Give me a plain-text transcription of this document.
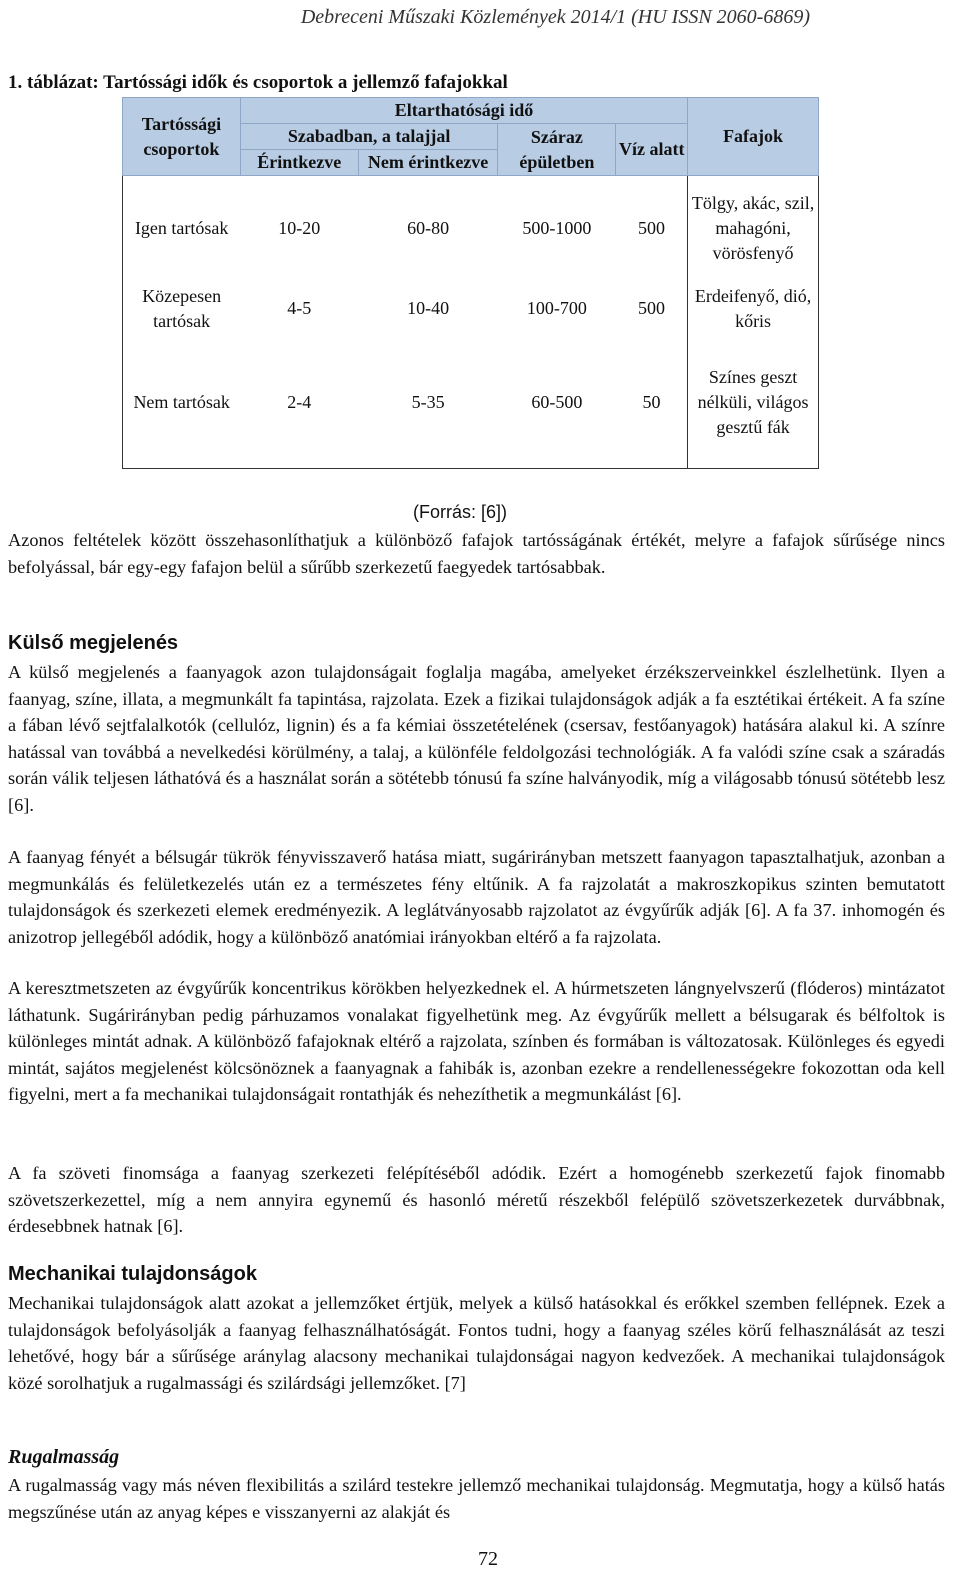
Debreceni Műszaki Közlemények 2014/1 (HU ISSN 2060-6869)
1. táblázat: Tartóssági idők és csoportok a jellemző fafajokkal
Tartóssági csoportok	Eltarthatósági idő				Fafajok
	Szabadban, a talajjal		Száraz épületben	Víz alatt	
	Érintkezve	Nem érintkezve			
Igen tartósak	10-20	60-80	500-1000	500	Tölgy, akác, szil, mahagóni, vörösfenyő
Közepesen tartósak	4-5	10-40	100-700	500	Erdeifenyő, dió, kőris
Nem tartósak	2-4	5-35	60-500	50	Színes geszt nélküli, világos gesztű fák
(Forrás: [6])
Azonos feltételek között összehasonlíthatjuk a különböző fafajok tartósságának értékét, melyre a fafajok sűrűsége nincs befolyással, bár egy-egy fafajon belül a sűrűbb szerkezetű faegyedek tartósabbak.
Külső megjelenés
A külső megjelenés a faanyagok azon tulajdonságait foglalja magába, amelyeket érzékszerveinkkel észlelhetünk. Ilyen a faanyag, színe, illata, a megmunkált fa tapintása, rajzolata. Ezek a fizikai tulajdonságok adják a fa esztétikai értékeit. A fa színe a fában lévő sejtfalalkotók (cellulóz, lignin) és a fa kémiai összetételének (csersav, festőanyagok) hatására alakul ki. A színre hatással van továbbá a nevelkedési körülmény, a talaj, a különféle feldolgozási technológiák. A fa valódi színe csak a száradás során válik teljesen láthatóvá és a használat során a sötétebb tónusú fa színe halványodik, míg a világosabb tónusú sötétebb lesz [6].
A faanyag fényét a bélsugár tükrök fényvisszaverő hatása miatt, sugárirányban metszett faanyagon tapasztalhatjuk, azonban a megmunkálás és felületkezelés után ez a természetes fény eltűnik. A fa rajzolatát a makroszkopikus szinten bemutatott tulajdonságok és szerkezeti elemek eredményezik. A leglátványosabb rajzolatot az évgyűrűk adják [6]. A fa 37. inhomogén és anizotrop jellegéből adódik, hogy a különböző anatómiai irányokban eltérő a fa rajzolata.
A keresztmetszeten az évgyűrűk koncentrikus körökben helyezkednek el. A húrmetszeten lángnyelvszerű (flóderos) mintázatot láthatunk. Sugárirányban pedig párhuzamos vonalakat figyelhetünk meg. Az évgyűrűk mellett a bélsugarak és bélfoltok is különleges mintát adnak. A különböző fafajoknak eltérő a rajzolata, színben és formában is változatosak. Különleges és egyedi mintát, sajátos megjelenést kölcsönöznek a faanyagnak a fahibák is, azonban ezekre a rendellenességekre fokozottan oda kell figyelni, mert a fa mechanikai tulajdonságait rontathják és nehezíthetik a megmunkálást [6].
A fa szöveti finomsága a faanyag szerkezeti felépítéséből adódik. Ezért a homogénebb szerkezetű fajok finomabb szövetszerkezettel, míg a nem annyira egynemű és hasonló méretű részekből felépülő szövetszerkezetek durvábbnak, érdesebbnek hatnak [6].
Mechanikai tulajdonságok
Mechanikai tulajdonságok alatt azokat a jellemzőket értjük, melyek a külső hatásokkal és erőkkel szemben fellépnek. Ezek a tulajdonságok befolyásolják a faanyag felhasználhatóságát. Fontos tudni, hogy a faanyag széles körű felhasználását az teszi lehetővé, hogy bár a sűrűsége aránylag alacsony mechanikai tulajdonságai nagyon kedvezőek. A mechanikai tulajdonságok közé sorolhatjuk a rugalmassági és szilárdsági jellemzőket. [7]
Rugalmasság
A rugalmasság vagy más néven flexibilitás a szilárd testekre jellemző mechanikai tulajdonság. Megmutatja, hogy a külső hatás megszűnése után az anyag képes e visszanyerni az alakját és
72
